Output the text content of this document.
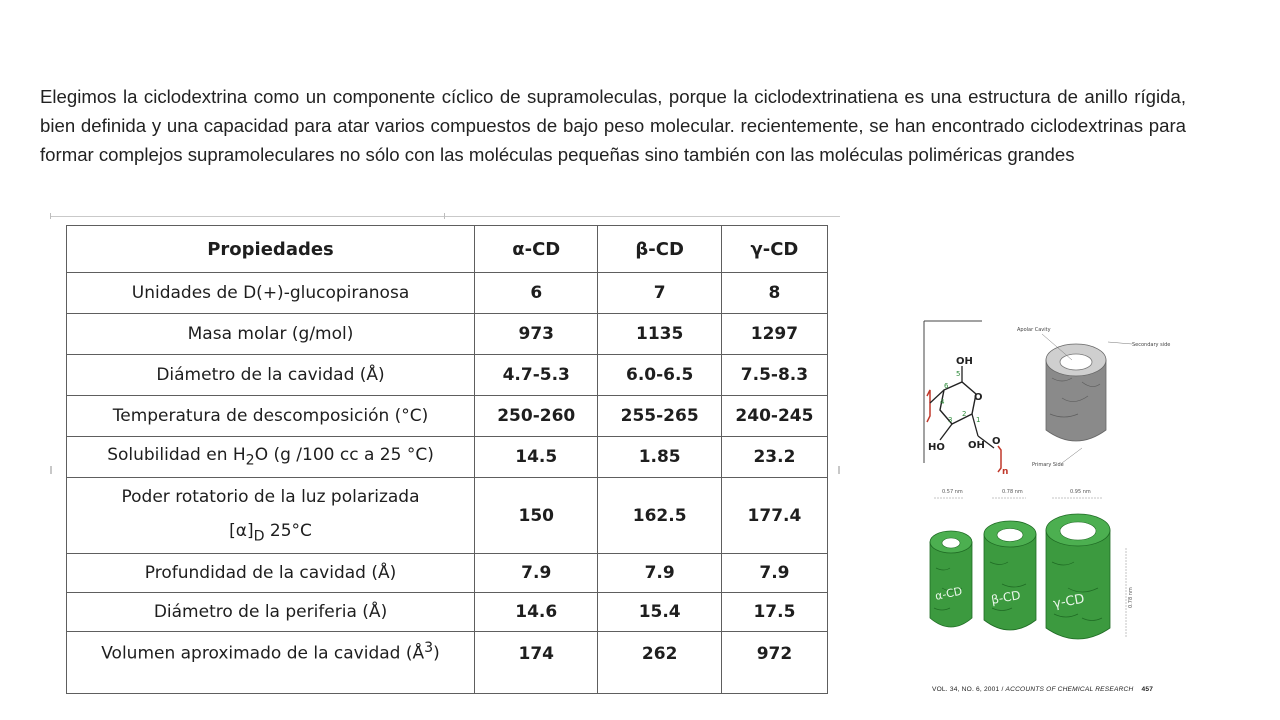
Elegimos la ciclodextrina como un componente cíclico de supramoleculas, porque la ciclodextrinatiena es una estructura de anillo rígida, bien definida y una capacidad para atar varios compuestos de bajo peso molecular. recientemente, se han encontrado ciclodextrinas para formar complejos supramoleculares no sólo con las moléculas pequeñas sino también con las moléculas poliméricas grandes

Propiedades	α-CD	β-CD	γ-CD
Unidades de D(+)-glucopiranosa	6	7	8
Masa molar (g/mol)	973	1135	1297
Diámetro de la cavidad (Å)	4.7-5.3	6.0-6.5	7.5-8.3
Temperatura de descomposición (°C)	250-260	255-265	240-245
Solubilidad en $H_2O$ (g /100 cc a 25 °C)	14.5	1.85	23.2
Poder rotatorio de la luz polarizada
$[\alpha]_D$ 25°C	150	162.5	177.4
Profundidad de la cavidad (Å)	7.9	7.9	7.9
Diámetro de la periferia (Å)	14.6	15.4	17.5
Volumen aproximado de la cavidad $(Å^3)$	174	262	972
OH
O
HO OH O
n
6
5
4
3
2
1
Apolar Cavity
Secondary side
Primary Side
0.57 nm	0.78 nm	0.95 nm
0.78 nm
α-CD β-CD γ-CD
VOL. 34, NO. 6, 2001 / ACCOUNTS OF CHEMICAL RESEARCH 457
